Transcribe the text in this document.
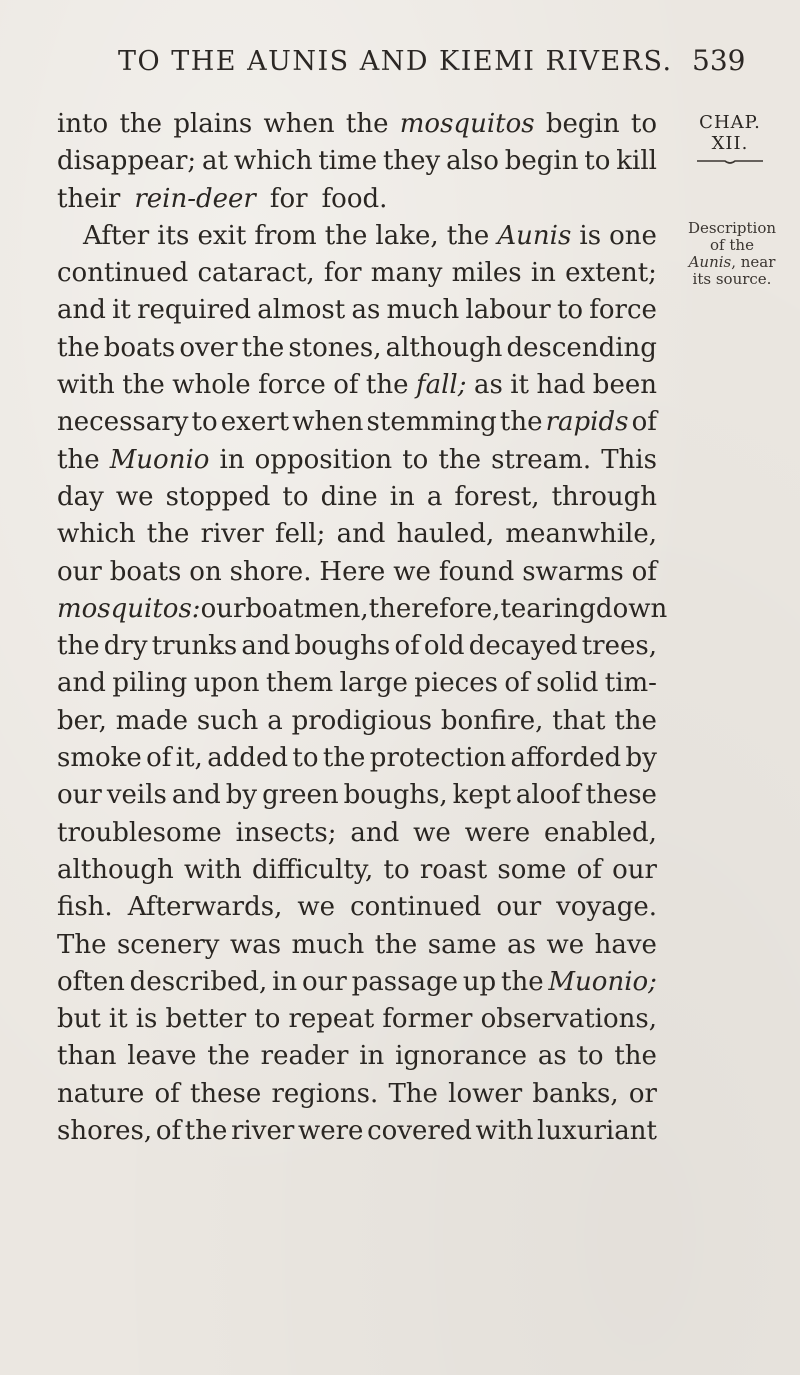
TO THE AUNIS AND KIEMI RIVERS. 539
CHAP.
XII.
Description
of the
Aunis, near
its source.
into the plains when the mosquitos begin to
disappear; at which time they also begin to kill
their rein-deer for food.
After its exit from the lake, the Aunis is one
continued cataract, for many miles in extent;
and it required almost as much labour to force
the boats over the stones, although descending
with the whole force of the fall; as it had been
necessary to exert when stemming the rapids of
the Muonio in opposition to the stream. This
day we stopped to dine in a forest, through
which the river fell; and hauled, meanwhile,
our boats on shore. Here we found swarms of
mosquitos: our boatmen, therefore, tearing down
the dry trunks and boughs of old decayed trees,
and piling upon them large pieces of solid tim-
ber, made such a prodigious bonfire, that the
smoke of it, added to the protection afforded by
our veils and by green boughs, kept aloof these
troublesome insects; and we were enabled,
although with difficulty, to roast some of our
fish. Afterwards, we continued our voyage.
The scenery was much the same as we have
often described, in our passage up the Muonio;
but it is better to repeat former observations,
than leave the reader in ignorance as to the
nature of these regions. The lower banks, or
shores, of the river were covered with luxuriant
